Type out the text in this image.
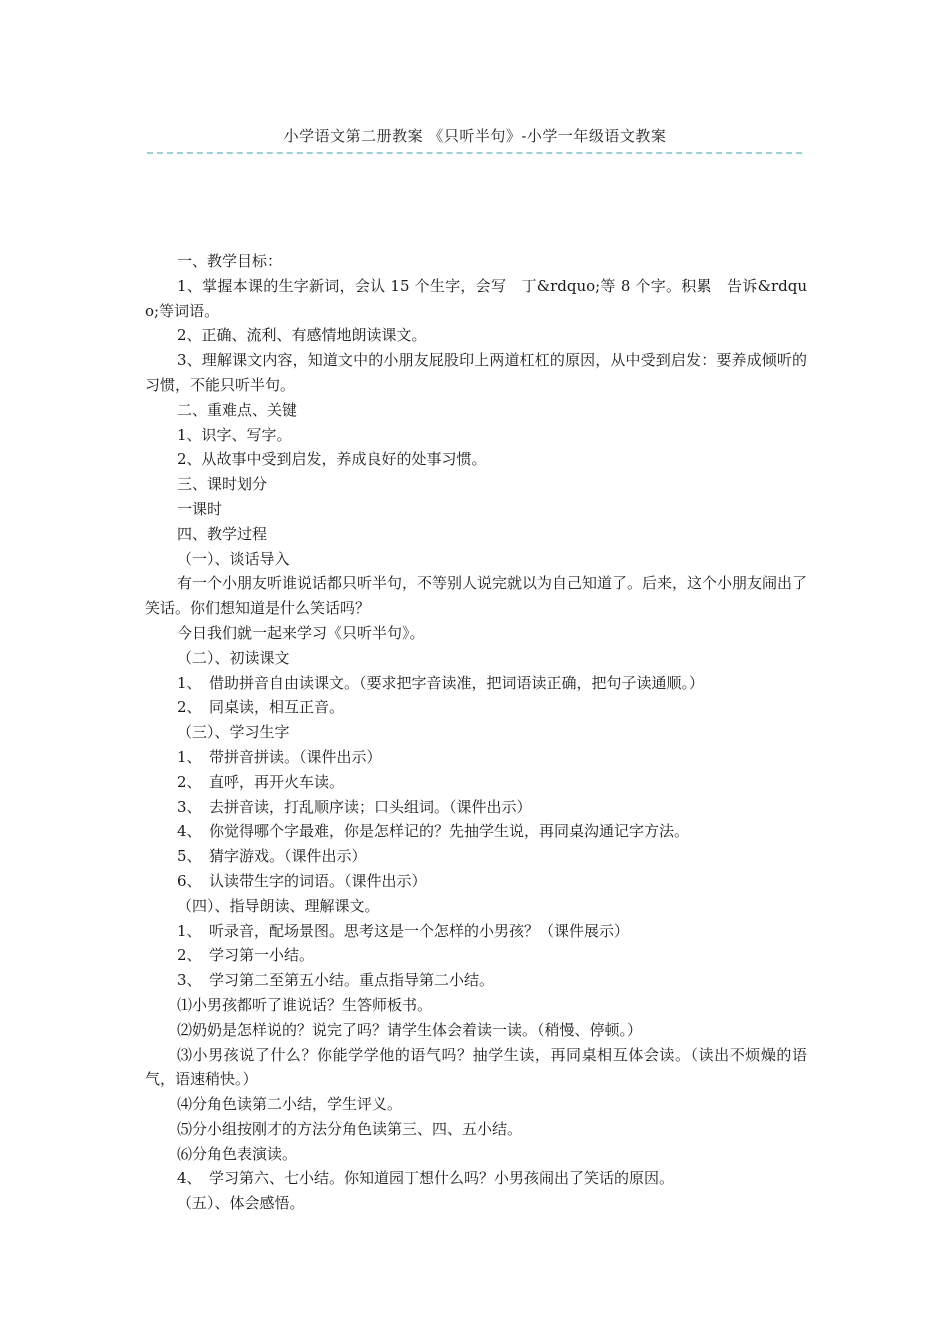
小学语文第二册教案 《只听半句》-小学一年级语文教案

一、教学目标：

1、掌握本课的生字新词，会认 15 个生字，会写　丁&rdquo;等 8 个字。积累　告诉&rdquo;等词语。

2、正确、流利、有感情地朗读课文。

3、理解课文内容，知道文中的小朋友屁股印上两道杠杠的原因，从中受到启发：要养成倾听的习惯，不能只听半句。

二、重难点、关键

1、识字、写字。

2、从故事中受到启发，养成良好的处事习惯。

三、课时划分

一课时

四、教学过程

（一）、谈话导入

有一个小朋友听谁说话都只听半句，不等别人说完就以为自己知道了。后来，这个小朋友闹出了笑话。你们想知道是什么笑话吗？

今日我们就一起来学习《只听半句》。

（二）、初读课文

1、　借助拼音自由读课文。（要求把字音读准，把词语读正确，把句子读通顺。）

2、　同桌读，相互正音。

（三）、学习生字

1、　带拼音拼读。（课件出示）

2、　直呼，再开火车读。

3、　去拼音读，打乱顺序读；口头组词。（课件出示）

4、　你觉得哪个字最难，你是怎样记的？先抽学生说，再同桌沟通记字方法。

5、　猜字游戏。（课件出示）

6、　认读带生字的词语。（课件出示）

（四）、指导朗读、理解课文。

1、　听录音，配场景图。思考这是一个怎样的小男孩？（课件展示）

2、　学习第一小结。

3、　学习第二至第五小结。重点指导第二小结。

⑴小男孩都听了谁说话？生答师板书。

⑵奶奶是怎样说的？说完了吗？请学生体会着读一读。（稍慢、停顿。）

⑶小男孩说了什么？你能学学他的语气吗？抽学生读，再同桌相互体会读。（读出不烦燥的语气，语速稍快。）

⑷分角色读第二小结，学生评义。

⑸分小组按刚才的方法分角色读第三、四、五小结。

⑹分角色表演读。

4、　学习第六、七小结。你知道园丁想什么吗？小男孩闹出了笑话的原因。

（五）、体会感悟。
